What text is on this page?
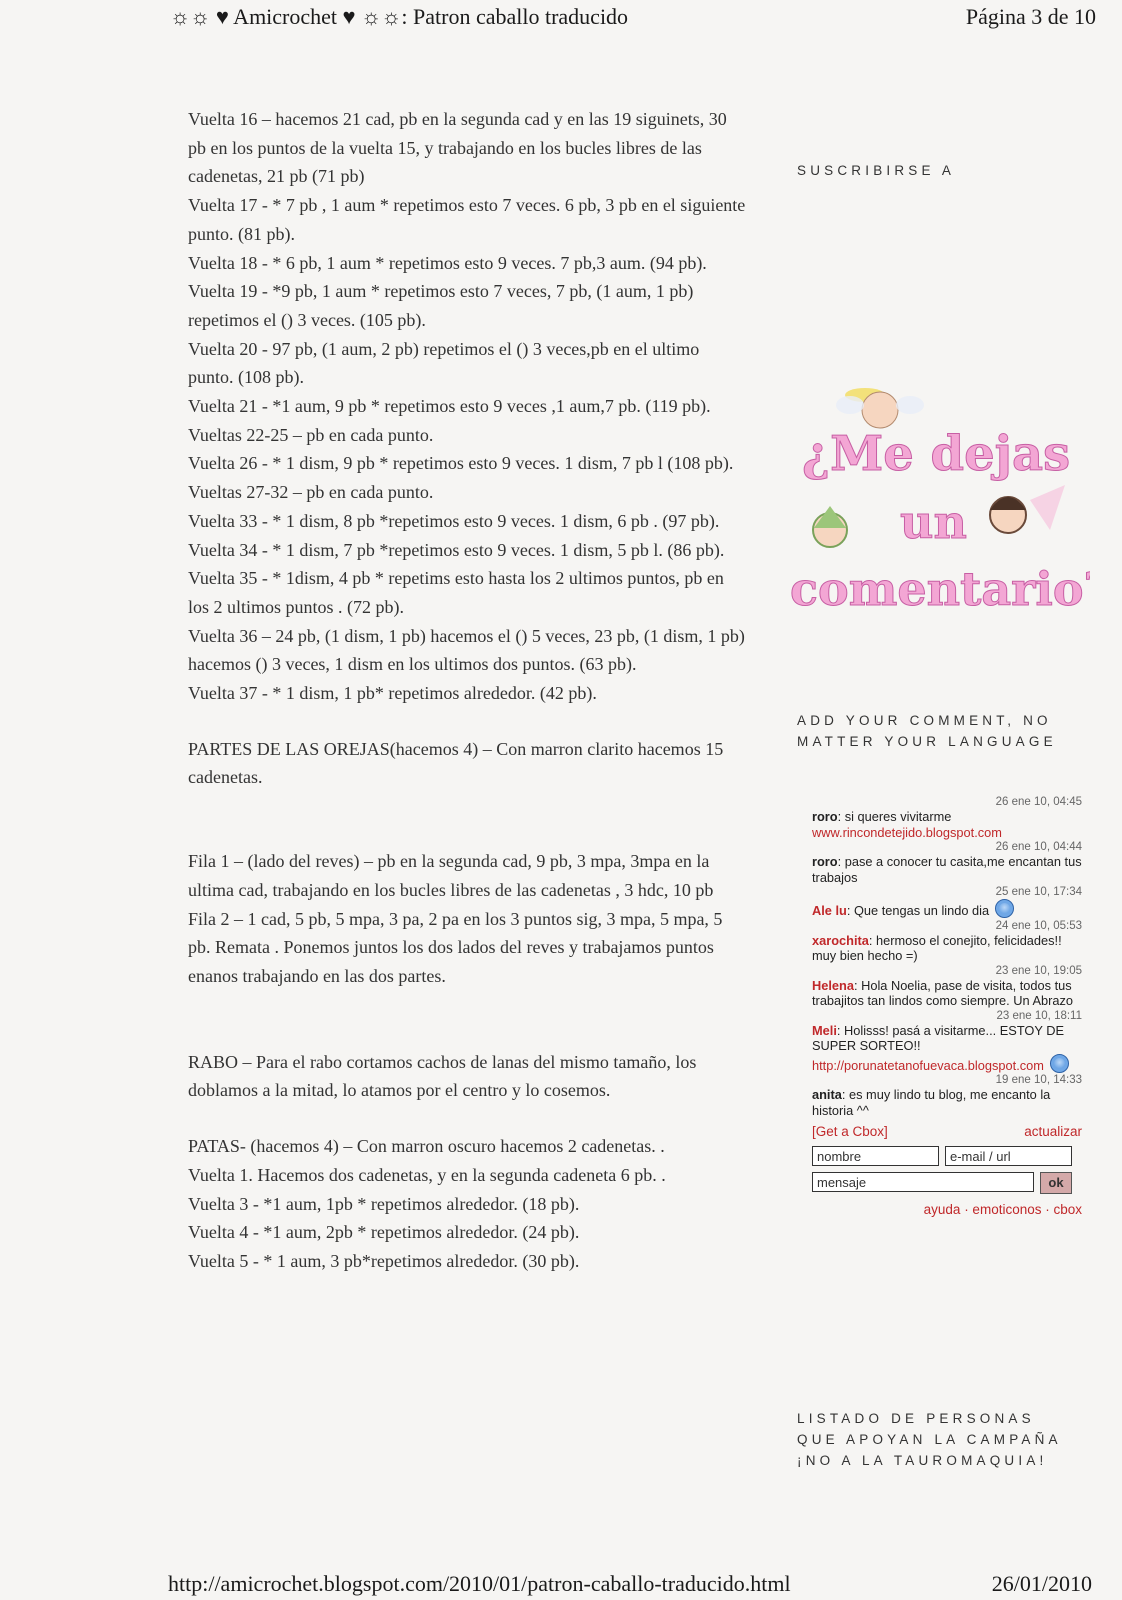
☼☼ ♥ Amicrochet ♥ ☼☼: Patron caballo traducido	Página 3 de 10

Vuelta 16 – hacemos 21 cad, pb en la segunda cad y en las 19 siguinets, 30 pb en los puntos de la vuelta 15, y trabajando en los bucles libres de las cadenetas, 21 pb (71 pb)

Vuelta 17 - * 7 pb , 1 aum * repetimos esto 7 veces. 6 pb, 3 pb en el siguiente punto. (81 pb).

Vuelta 18 - * 6 pb, 1 aum * repetimos esto 9 veces. 7 pb,3 aum. (94 pb).

Vuelta 19 - *9 pb, 1 aum * repetimos esto 7 veces, 7 pb, (1 aum, 1 pb) repetimos el () 3 veces. (105 pb).

Vuelta 20 - 97 pb, (1 aum, 2 pb) repetimos el () 3 veces,pb en el ultimo punto. (108 pb).

Vuelta 21 - *1 aum, 9 pb * repetimos esto 9 veces ,1 aum,7 pb. (119 pb).

Vueltas 22-25 – pb en cada punto.

Vuelta 26 - * 1 dism, 9 pb * repetimos esto 9 veces. 1 dism, 7 pb l (108 pb).

Vueltas 27-32 – pb en cada punto.

Vuelta 33 - * 1 dism, 8 pb *repetimos esto 9 veces. 1 dism, 6 pb . (97 pb).

Vuelta 34 - * 1 dism, 7 pb *repetimos esto 9 veces. 1 dism, 5 pb l. (86 pb).

Vuelta 35 - * 1dism, 4 pb * repetims esto hasta los 2 ultimos puntos, pb en los 2 ultimos puntos . (72 pb).

Vuelta 36 – 24 pb, (1 dism, 1 pb) hacemos el () 5 veces, 23 pb, (1 dism, 1 pb) hacemos () 3 veces, 1 dism en los ultimos dos puntos. (63 pb).

Vuelta 37 - * 1 dism, 1 pb* repetimos alrededor. (42 pb).

PARTES DE LAS OREJAS(hacemos 4) – Con marron clarito hacemos 15 cadenetas.

Fila 1 – (lado del reves) – pb en la segunda cad, 9 pb, 3 mpa, 3mpa en la ultima cad, trabajando en los bucles libres de las cadenetas , 3 hdc, 10 pb

Fila 2 – 1 cad, 5 pb, 5 mpa, 3 pa, 2 pa en los 3 puntos sig, 3 mpa, 5 mpa, 5 pb. Remata . Ponemos juntos los dos lados del reves y trabajamos puntos enanos trabajando en las dos partes.

RABO – Para el rabo cortamos cachos de lanas del mismo tamaño, los doblamos a la mitad, lo atamos por el centro y lo cosemos.

PATAS- (hacemos 4) – Con marron oscuro hacemos 2 cadenetas. .

Vuelta 1. Hacemos dos cadenetas, y en la segunda cadeneta 6 pb. .

Vuelta 3 - *1 aum, 1pb * repetimos alrededor. (18 pb).

Vuelta 4 - *1 aum, 2pb * repetimos alrededor. (24 pb).

Vuelta 5 - * 1 aum, 3 pb*repetimos alrededor. (30 pb).

SUSCRIBIRSE A
¿Me dejas
un
comentario?
ADD YOUR COMMENT, NO
MATTER YOUR LANGUAGE
26 ene 10, 04:45
roro: si queres vivitarme
www.rincondetejido.blogspot.com
26 ene 10, 04:44
roro: pase a conocer tu casita,me encantan tus trabajos
25 ene 10, 17:34
Ale lu: Que tengas un lindo dia
24 ene 10, 05:53
xarochita: hermoso el conejito, felicidades!! muy bien hecho =)
23 ene 10, 19:05
Helena: Hola Noelia, pase de visita, todos tus trabajitos tan lindos como siempre. Un Abrazo
23 ene 10, 18:11
Meli: Holisss! pasá a visitarme... ESTOY DE SUPER SORTEO!!
http://porunatetanofuevaca.blogspot.com
19 ene 10, 14:33
anita: es muy lindo tu blog, me encanto la historia ^^
[Get a Cbox]	actualizar
nombre	e-mail / url
mensaje	ok
ayuda · emoticonos · cbox
LISTADO DE PERSONAS
QUE APOYAN LA CAMPAÑA
¡NO A LA TAUROMAQUIA!
http://amicrochet.blogspot.com/2010/01/patron-caballo-traducido.html	26/01/2010
